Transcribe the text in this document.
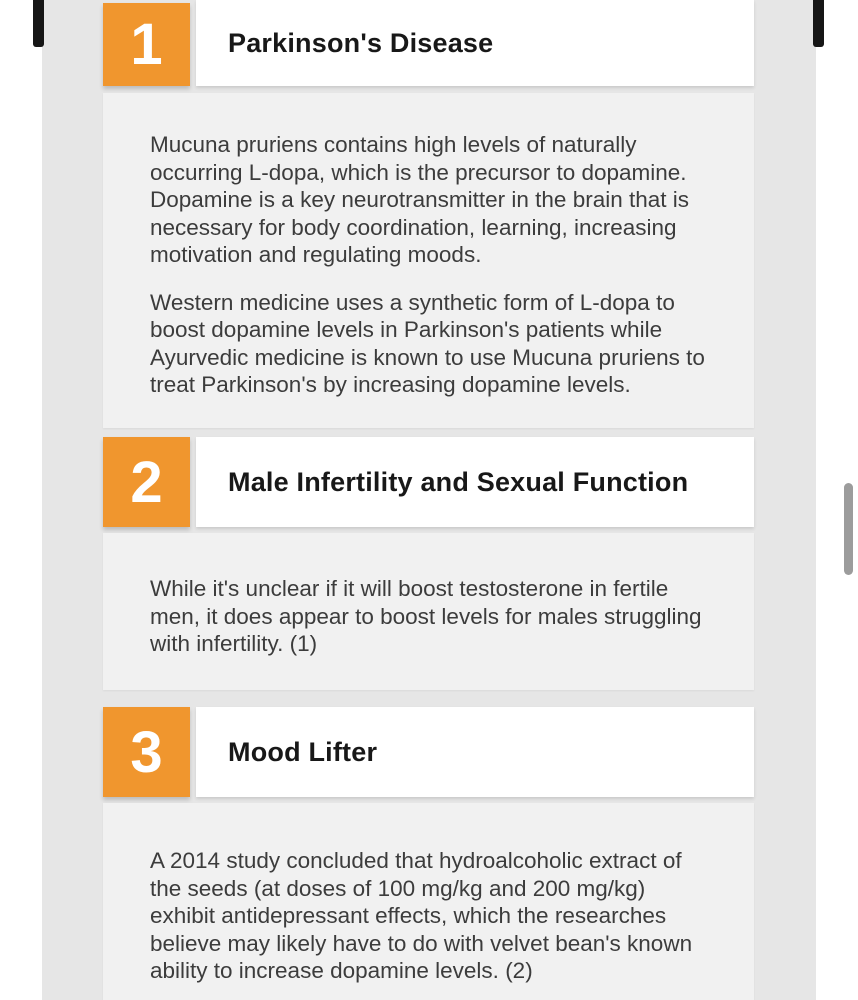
1 Parkinson's Disease

Mucuna pruriens contains high levels of naturally occurring L-dopa, which is the precursor to dopamine. Dopamine is a key neurotransmitter in the brain that is necessary for body coordination, learning, increasing motivation and regulating moods.

Western medicine uses a synthetic form of L-dopa to boost dopamine levels in Parkinson's patients while Ayurvedic medicine is known to use Mucuna pruriens to treat Parkinson's by increasing dopamine levels.

2 Male Infertility and Sexual Function

While it's unclear if it will boost testosterone in fertile men, it does appear to boost levels for males struggling with infertility. (1)

3 Mood Lifter

A 2014 study concluded that hydroalcoholic extract of the seeds (at doses of 100 mg/kg and 200 mg/kg) exhibit antidepressant effects, which the researches believe may likely have to do with velvet bean's known ability to increase dopamine levels. (2)
